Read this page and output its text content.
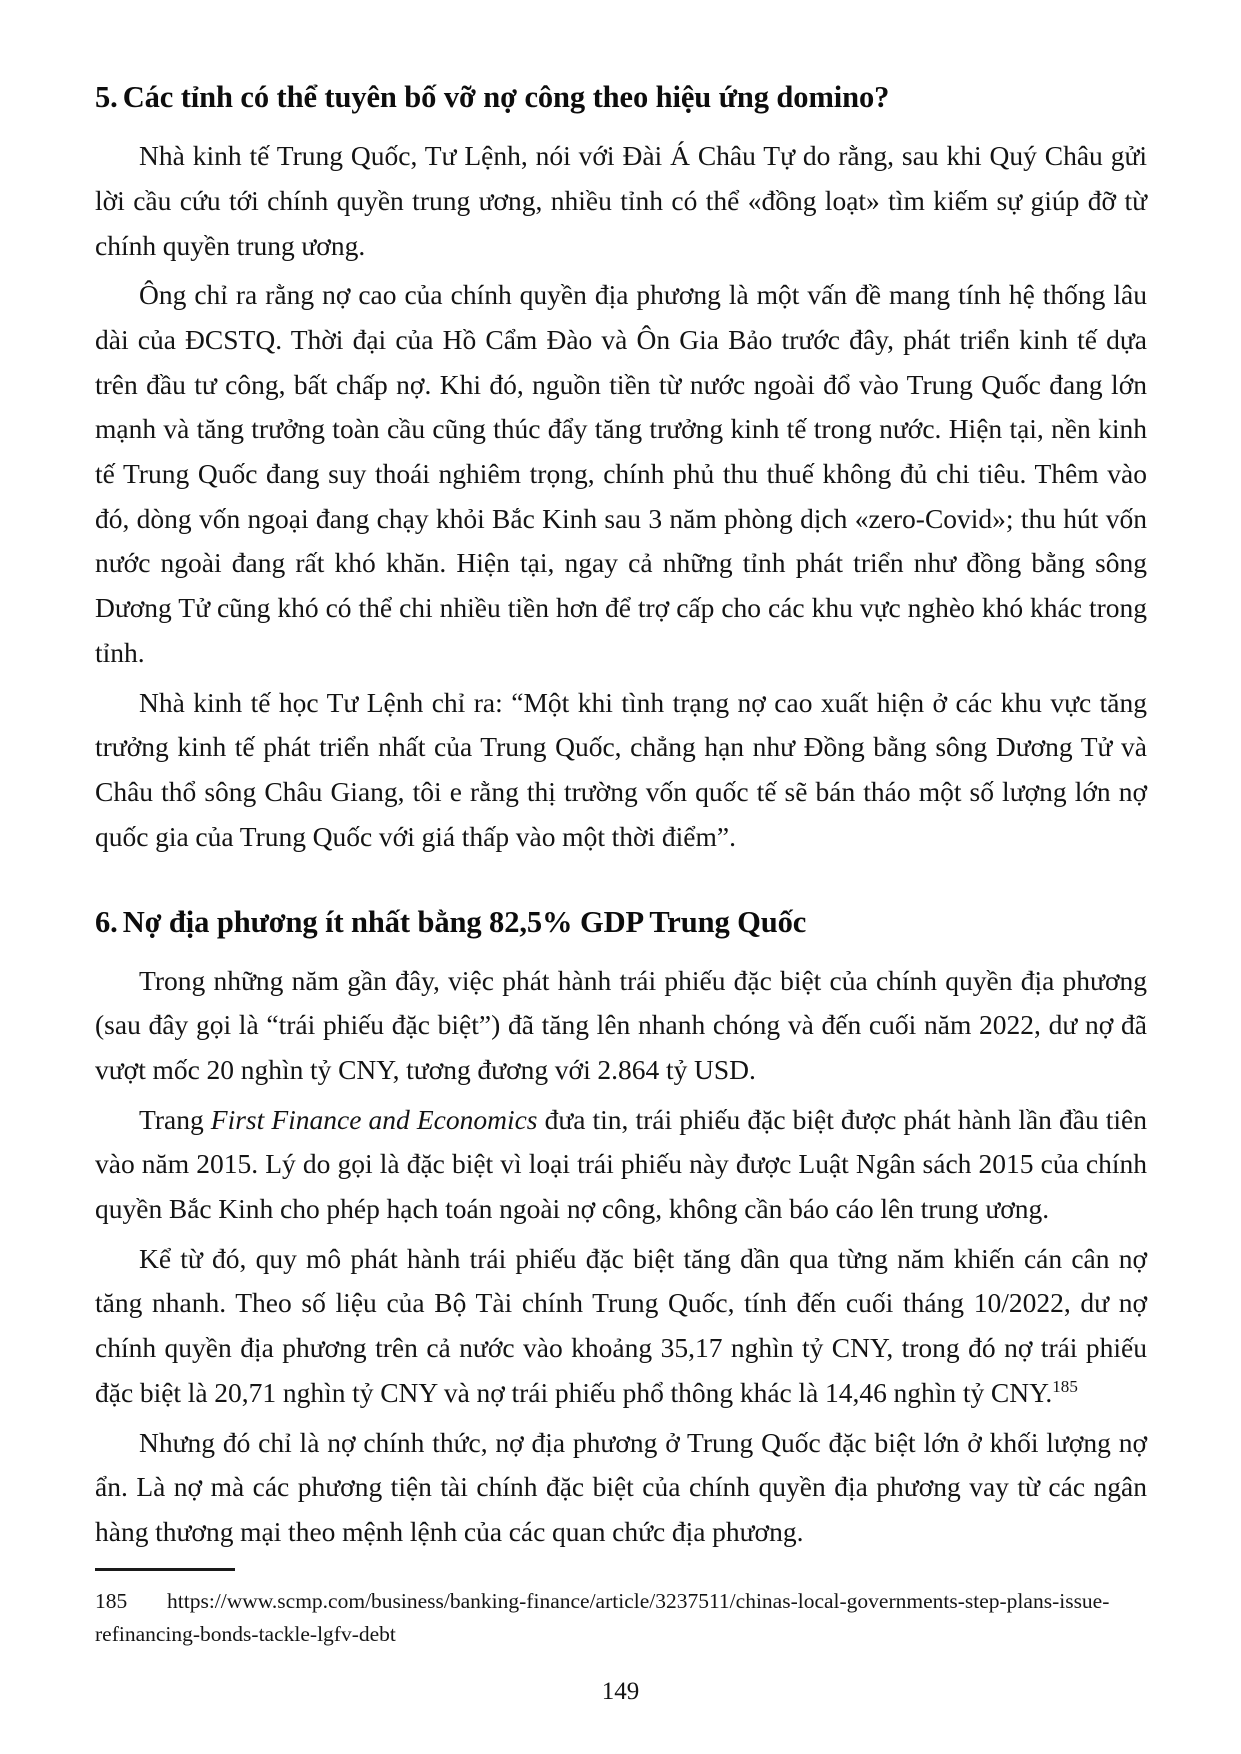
5. Các tỉnh có thể tuyên bố vỡ nợ công theo hiệu ứng domino?

Nhà kinh tế Trung Quốc, Tư Lệnh, nói với Đài Á Châu Tự do rằng, sau khi Quý Châu gửi lời cầu cứu tới chính quyền trung ương, nhiều tỉnh có thể «đồng loạt» tìm kiếm sự giúp đỡ từ chính quyền trung ương.

Ông chỉ ra rằng nợ cao của chính quyền địa phương là một vấn đề mang tính hệ thống lâu dài của ĐCSTQ. Thời đại của Hồ Cẩm Đào và Ôn Gia Bảo trước đây, phát triển kinh tế dựa trên đầu tư công, bất chấp nợ. Khi đó, nguồn tiền từ nước ngoài đổ vào Trung Quốc đang lớn mạnh và tăng trưởng toàn cầu cũng thúc đẩy tăng trưởng kinh tế trong nước. Hiện tại, nền kinh tế Trung Quốc đang suy thoái nghiêm trọng, chính phủ thu thuế không đủ chi tiêu. Thêm vào đó, dòng vốn ngoại đang chạy khỏi Bắc Kinh sau 3 năm phòng dịch «zero-Covid»; thu hút vốn nước ngoài đang rất khó khăn. Hiện tại, ngay cả những tỉnh phát triển như đồng bằng sông Dương Tử cũng khó có thể chi nhiều tiền hơn để trợ cấp cho các khu vực nghèo khó khác trong tỉnh.

Nhà kinh tế học Tư Lệnh chỉ ra: “Một khi tình trạng nợ cao xuất hiện ở các khu vực tăng trưởng kinh tế phát triển nhất của Trung Quốc, chẳng hạn như Đồng bằng sông Dương Tử và Châu thổ sông Châu Giang, tôi e rằng thị trường vốn quốc tế sẽ bán tháo một số lượng lớn nợ quốc gia của Trung Quốc với giá thấp vào một thời điểm”.

6. Nợ địa phương ít nhất bằng 82,5% GDP Trung Quốc

Trong những năm gần đây, việc phát hành trái phiếu đặc biệt của chính quyền địa phương (sau đây gọi là “trái phiếu đặc biệt”) đã tăng lên nhanh chóng và đến cuối năm 2022, dư nợ đã vượt mốc 20 nghìn tỷ CNY, tương đương với 2.864 tỷ USD.

Trang First Finance and Economics đưa tin, trái phiếu đặc biệt được phát hành lần đầu tiên vào năm 2015. Lý do gọi là đặc biệt vì loại trái phiếu này được Luật Ngân sách 2015 của chính quyền Bắc Kinh cho phép hạch toán ngoài nợ công, không cần báo cáo lên trung ương.

Kể từ đó, quy mô phát hành trái phiếu đặc biệt tăng dần qua từng năm khiến cán cân nợ tăng nhanh. Theo số liệu của Bộ Tài chính Trung Quốc, tính đến cuối tháng 10/2022, dư nợ chính quyền địa phương trên cả nước vào khoảng 35,17 nghìn tỷ CNY, trong đó nợ trái phiếu đặc biệt là 20,71 nghìn tỷ CNY và nợ trái phiếu phổ thông khác là 14,46 nghìn tỷ CNY.$^{185}$

Nhưng đó chỉ là nợ chính thức, nợ địa phương ở Trung Quốc đặc biệt lớn ở khối lượng nợ ẩn. Là nợ mà các phương tiện tài chính đặc biệt của chính quyền địa phương vay từ các ngân hàng thương mại theo mệnh lệnh của các quan chức địa phương.

185 https://www.scmp.com/business/banking-finance/article/3237511/chinas-local-governments-step-plans-issue-refinancing-bonds-tackle-lgfv-debt

149
